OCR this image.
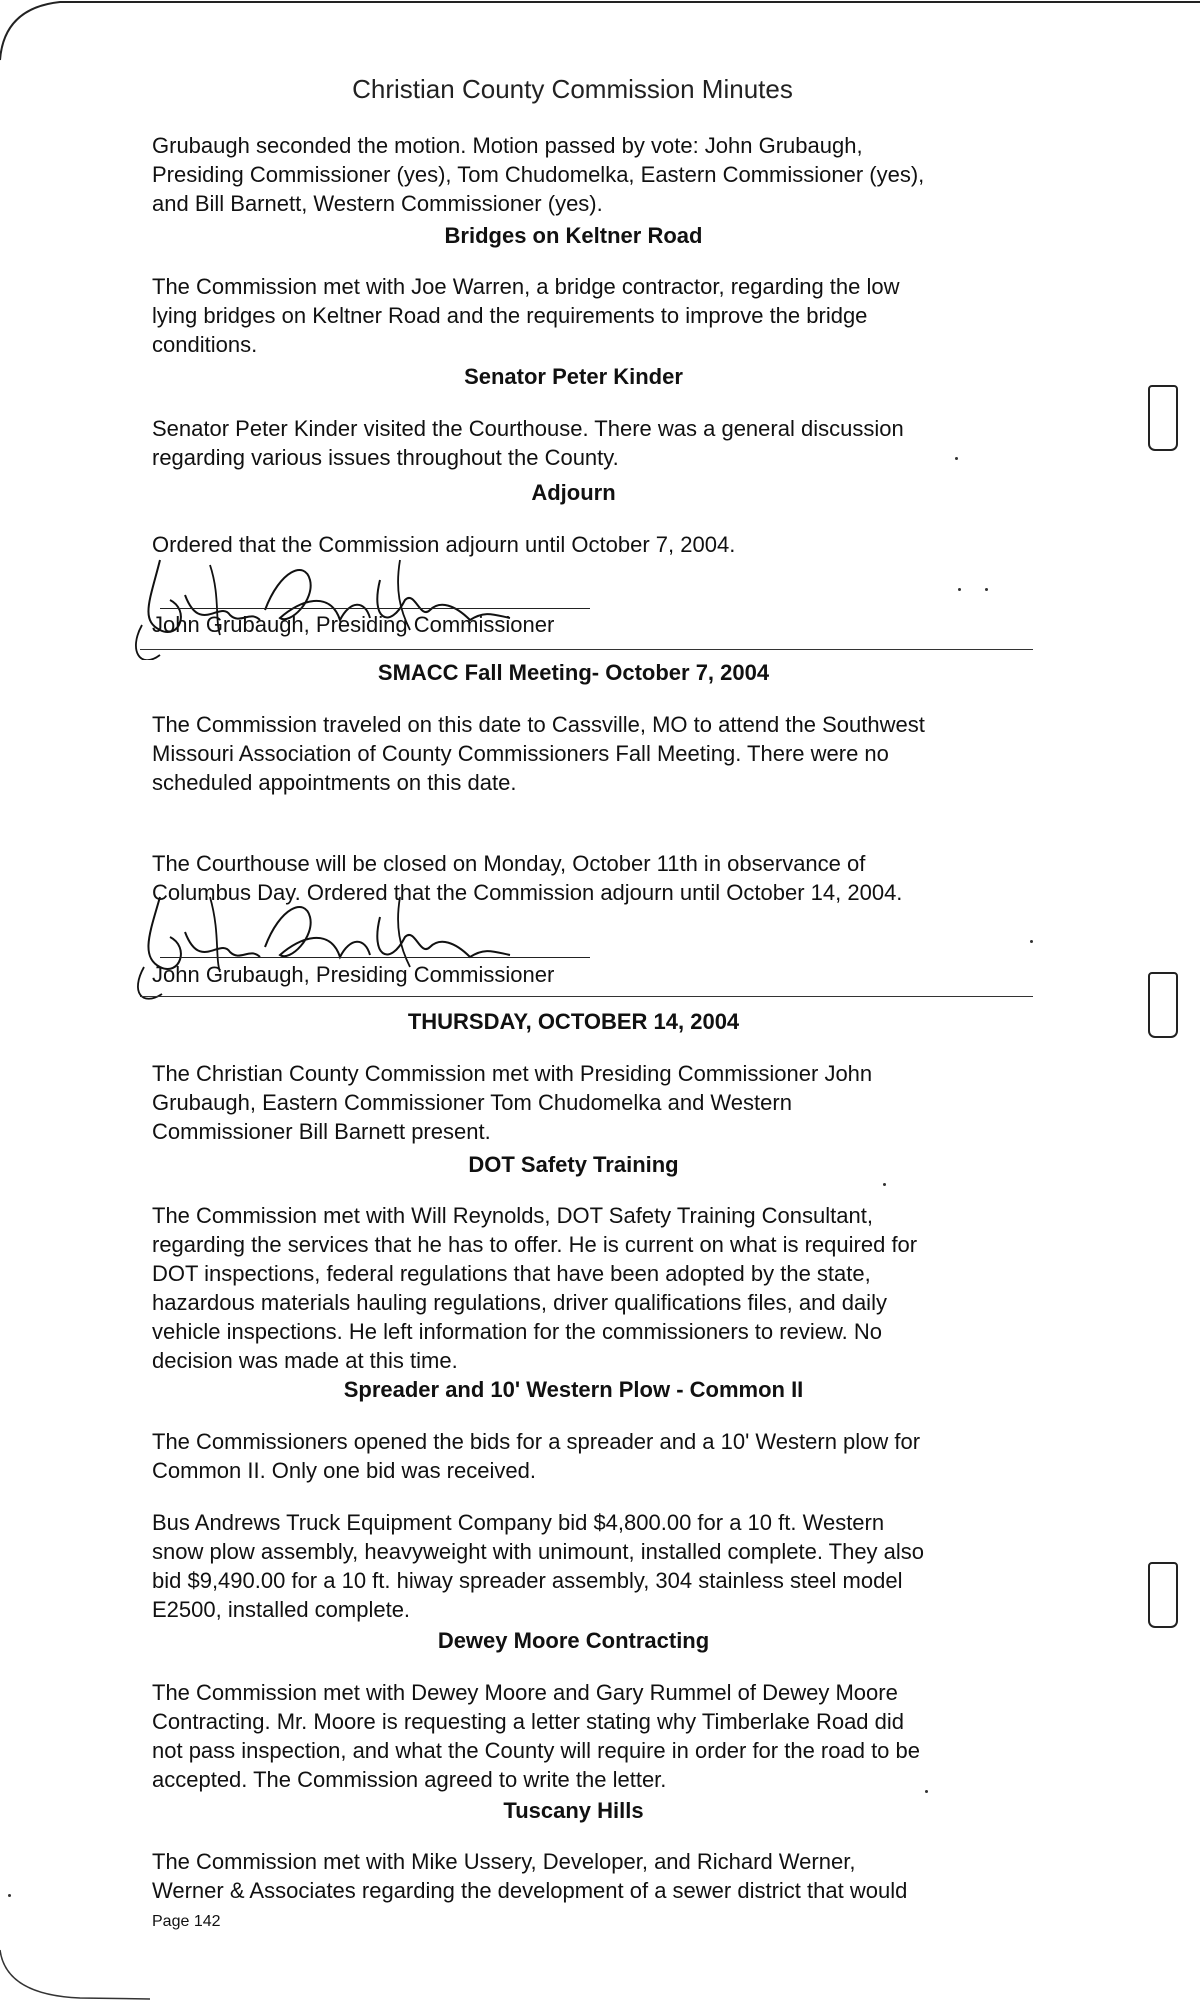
Christian County Commission Minutes

Grubaugh seconded the motion. Motion passed by vote: John Grubaugh,
Presiding Commissioner (yes), Tom Chudomelka, Eastern Commissioner (yes),
and Bill Barnett, Western Commissioner (yes).

Bridges on Keltner Road

The Commission met with Joe Warren, a bridge contractor, regarding the low
lying bridges on Keltner Road and the requirements to improve the bridge
conditions.

Senator Peter Kinder

Senator Peter Kinder visited the Courthouse. There was a general discussion
regarding various issues throughout the County.

Adjourn

Ordered that the Commission adjourn until October 7, 2004.

John Grubaugh, Presiding Commissioner
SMACC Fall Meeting- October 7, 2004

The Commission traveled on this date to Cassville, MO to attend the Southwest
Missouri Association of County Commissioners Fall Meeting. There were no
scheduled appointments on this date.

The Courthouse will be closed on Monday, October 11th in observance of
Columbus Day. Ordered that the Commission adjourn until October 14, 2004.

John Grubaugh, Presiding Commissioner
THURSDAY, OCTOBER 14, 2004

The Christian County Commission met with Presiding Commissioner John
Grubaugh, Eastern Commissioner Tom Chudomelka and Western
Commissioner Bill Barnett present.

DOT Safety Training

The Commission met with Will Reynolds, DOT Safety Training Consultant,
regarding the services that he has to offer. He is current on what is required for
DOT inspections, federal regulations that have been adopted by the state,
hazardous materials hauling regulations, driver qualifications files, and daily
vehicle inspections. He left information for the commissioners to review. No
decision was made at this time.

Spreader and 10' Western Plow - Common II

The Commissioners opened the bids for a spreader and a 10' Western plow for
Common II. Only one bid was received.

Bus Andrews Truck Equipment Company bid $4,800.00 for a 10 ft. Western
snow plow assembly, heavyweight with unimount, installed complete. They also
bid $9,490.00 for a 10 ft. hiway spreader assembly, 304 stainless steel model
E2500, installed complete.

Dewey Moore Contracting

The Commission met with Dewey Moore and Gary Rummel of Dewey Moore
Contracting. Mr. Moore is requesting a letter stating why Timberlake Road did
not pass inspection, and what the County will require in order for the road to be
accepted. The Commission agreed to write the letter.

Tuscany Hills

The Commission met with Mike Ussery, Developer, and Richard Werner,
Werner & Associates regarding the development of a sewer district that would

Page 142
